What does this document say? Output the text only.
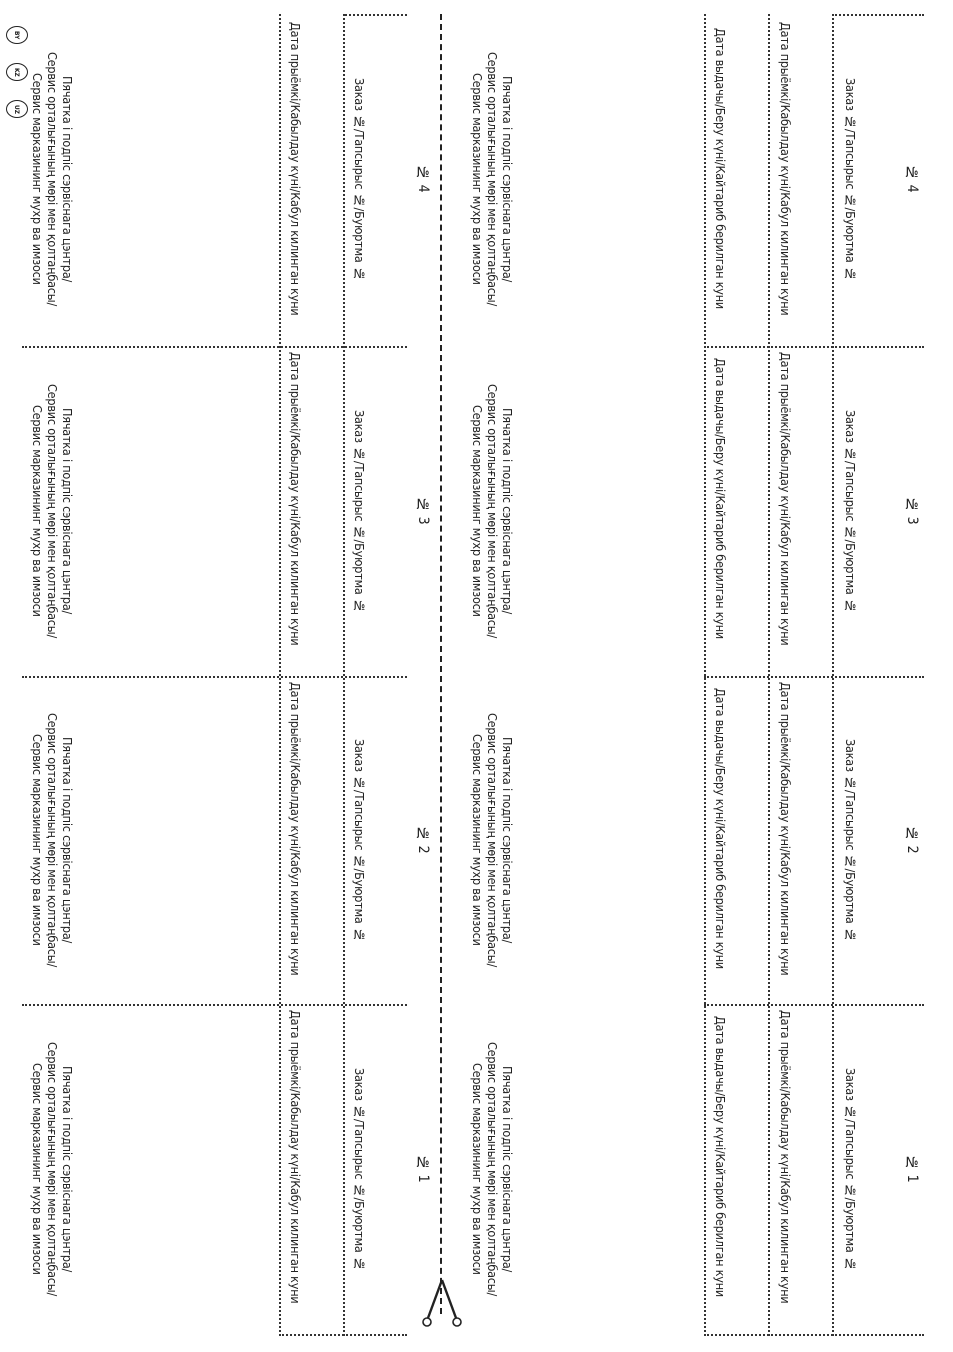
BY
KZ
UZ
№ 4
Заказ №/Тапсырыс №/Буюртма №
Дата прыёмкі/Кабылдау күні/Кабул килинган куни
Дата выдачы/Беру күні/Кайтариб берилган куни
Пячатка і подпіс сэрвіснага цэнтра/
Сервис орталығының мөрі мен қолтаңбасы/
Сервис марказининг мухр ва имзоси
№ 4
Заказ №/Тапсырыс №/Буюртма №
Дата прыёмкі/Кабылдау күні/Кабул килинган куни
Пячатка і подпіс сэрвіснага цэнтра/
Сервис орталығының мөрі мен қолтаңбасы/
Сервис марказининг мухр ва имзоси
№ 3
Заказ №/Тапсырыс №/Буюртма №
Дата прыёмкі/Кабылдау күні/Кабул килинган куни
Дата выдачы/Беру күні/Кайтариб берилган куни
Пячатка і подпіс сэрвіснага цэнтра/
Сервис орталығының мөрі мен қолтаңбасы/
Сервис марказининг мухр ва имзоси
№ 3
Заказ №/Тапсырыс №/Буюртма №
Дата прыёмкі/Кабылдау күні/Кабул килинган куни
Пячатка і подпіс сэрвіснага цэнтра/
Сервис орталығының мөрі мен қолтаңбасы/
Сервис марказининг мухр ва имзоси
№ 2
Заказ №/Тапсырыс №/Буюртма №
Дата прыёмкі/Кабылдау күні/Кабул килинган куни
Дата выдачы/Беру күні/Кайтариб берилган куни
Пячатка і подпіс сэрвіснага цэнтра/
Сервис орталығының мөрі мен қолтаңбасы/
Сервис марказининг мухр ва имзоси
№ 2
Заказ №/Тапсырыс №/Буюртма №
Дата прыёмкі/Кабылдау күні/Кабул килинган куни
Пячатка і подпіс сэрвіснага цэнтра/
Сервис орталығының мөрі мен қолтаңбасы/
Сервис марказининг мухр ва имзоси
№ 1
Заказ №/Тапсырыс №/Буюртма №
Дата прыёмкі/Кабылдау күні/Кабул килинган куни
Дата выдачы/Беру күні/Кайтариб берилган куни
Пячатка і подпіс сэрвіснага цэнтра/
Сервис орталығының мөрі мен қолтаңбасы/
Сервис марказининг мухр ва имзоси
№ 1
Заказ №/Тапсырыс №/Буюртма №
Дата прыёмкі/Кабылдау күні/Кабул килинган куни
Пячатка і подпіс сэрвіснага цэнтра/
Сервис орталығының мөрі мен қолтаңбасы/
Сервис марказининг мухр ва имзоси
